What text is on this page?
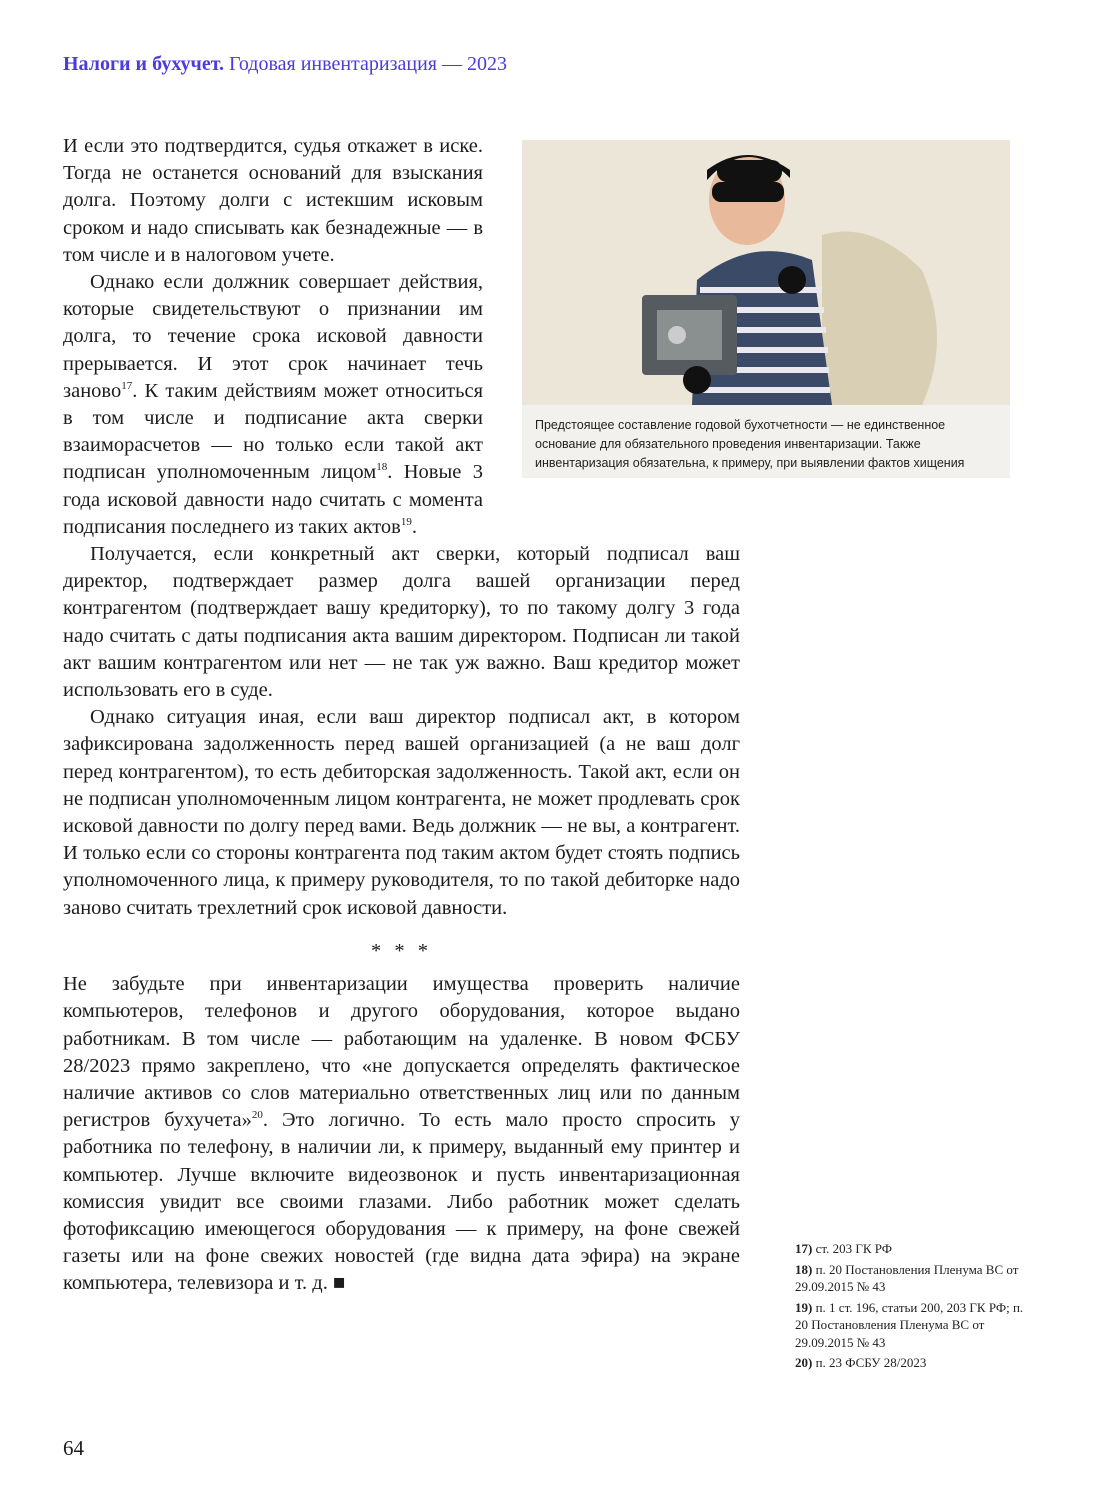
Налоги и бухучет. Годовая инвентаризация — 2023

И если это подтвердится, судья откажет в иске. Тогда не останется оснований для взыскания долга. Поэтому долги с истекшим исковым сроком и надо списывать как безнадежные — в том числе и в налоговом учете.

Однако если должник совершает действия, которые свидетельствуют о признании им долга, то течение срока исковой давности прерывается. И этот срок начинает течь заново$^{17}$. К таким действиям может относиться в том числе и подписание акта сверки взаиморасчетов — но только если такой акт подписан уполномоченным лицом$^{18}$. Новые 3 года исковой давности надо считать с момента подписания последнего из таких актов$^{19}$.

Получается, если конкретный акт сверки, который подписал ваш директор, подтверждает размер долга вашей организации перед контрагентом (подтверждает вашу кредиторку), то по такому долгу 3 года надо считать с даты подписания акта вашим директором. Подписан ли такой акт вашим контрагентом или нет — не так уж важно. Ваш кредитор может использовать его в суде.

Однако ситуация иная, если ваш директор подписал акт, в котором зафиксирована задолженность перед вашей организацией (а не ваш долг перед контрагентом), то есть дебиторская задолженность. Такой акт, если он не подписан уполномоченным лицом контрагента, не может продлевать срок исковой давности по долгу перед вами. Ведь должник — не вы, а контрагент. И только если со стороны контрагента под таким актом будет стоять подпись уполномоченного лица, к примеру руководителя, то по такой дебиторке надо заново считать трехлетний срок исковой давности.

* * *

Не забудьте при инвентаризации имущества проверить наличие компьютеров, телефонов и другого оборудования, которое выдано работникам. В том числе — работающим на удаленке. В новом ФСБУ 28/2023 прямо закреплено, что «не допускается определять фактическое наличие активов со слов материально ответственных лиц или по данным регистров бухучета»$^{20}$. Это логично. То есть мало просто спросить у работника по телефону, в наличии ли, к примеру, выданный ему принтер и компьютер. Лучше включите видеозвонок и пусть инвентаризационная комиссия увидит все своими глазами. Либо работник может сделать фотофиксацию имеющегося оборудования — к примеру, на фоне свежей газеты или на фоне свежих новостей (где видна дата эфира) на экране компьютера, телевизора и т. д. ■

64
Предстоящее составление годовой бухотчетности — не единственное основание для обязательного проведения инвентаризации. Также инвентаризация обязательна, к примеру, при выявлении фактов хищения
17) ст. 203 ГК РФ
18) п. 20 Постановления Пленума ВС от 29.09.2015 № 43
19) п. 1 ст. 196, статьи 200, 203 ГК РФ; п. 20 Постановления Пленума ВС от 29.09.2015 № 43
20) п. 23 ФСБУ 28/2023
